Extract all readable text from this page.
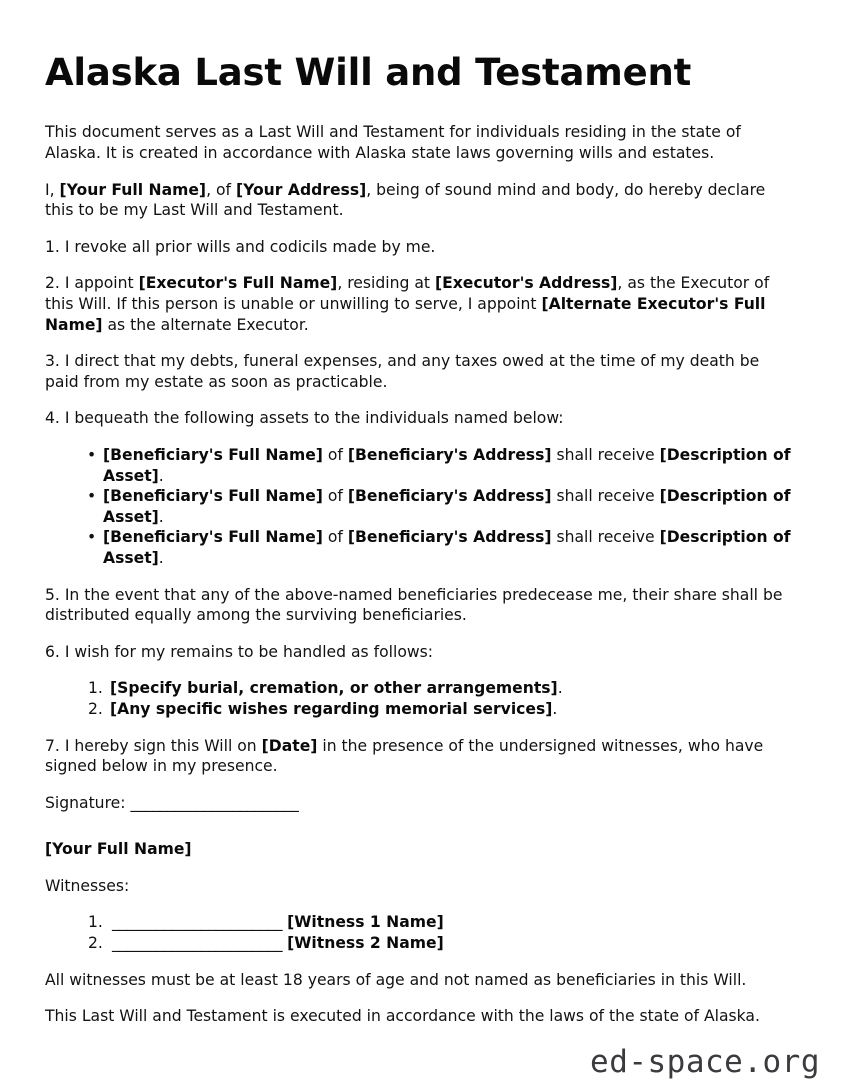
Alaska Last Will and Testament

This document serves as a Last Will and Testament for individuals residing in the state of Alaska. It is created in accordance with Alaska state laws governing wills and estates.

I, [Your Full Name], of [Your Address], being of sound mind and body, do hereby declare this to be my Last Will and Testament.

1. I revoke all prior wills and codicils made by me.

2. I appoint [Executor's Full Name], residing at [Executor's Address], as the Executor of this Will. If this person is unable or unwilling to serve, I appoint [Alternate Executor's Full Name] as the alternate Executor.

3. I direct that my debts, funeral expenses, and any taxes owed at the time of my death be paid from my estate as soon as practicable.

4. I bequeath the following assets to the individuals named below:

• [Beneficiary's Full Name] of [Beneficiary's Address] shall receive [Description of Asset].
• [Beneficiary's Full Name] of [Beneficiary's Address] shall receive [Description of Asset].
• [Beneficiary's Full Name] of [Beneficiary's Address] shall receive [Description of Asset].

5. In the event that any of the above-named beneficiaries predecease me, their share shall be distributed equally among the surviving beneficiaries.

6. I wish for my remains to be handled as follows:

[Specify burial, cremation, or other arrangements].
[Any specific wishes regarding memorial services].

7. I hereby sign this Will on [Date] in the presence of the undersigned witnesses, who have signed below in my presence.

Signature: _______________________

[Your Full Name]

Witnesses:

_______________________ [Witness 1 Name]
_______________________ [Witness 2 Name]

All witnesses must be at least 18 years of age and not named as beneficiaries in this Will.

This Last Will and Testament is executed in accordance with the laws of the state of Alaska.

ed-space.org
